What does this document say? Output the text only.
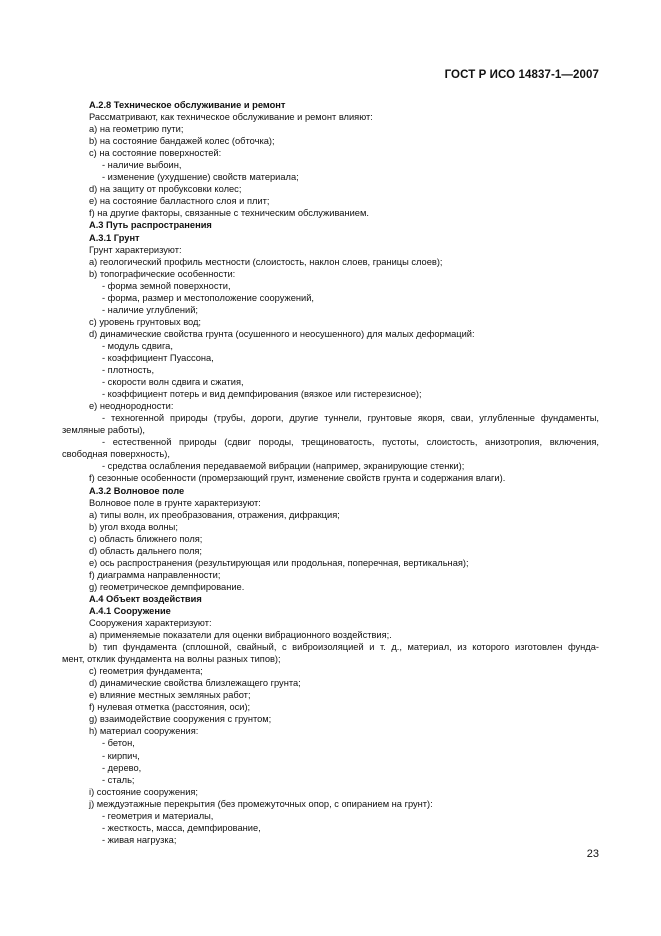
ГОСТ Р ИСО 14837-1—2007
A.2.8 Техническое обслуживание и ремонт
Рассматривают, как техническое обслуживание и ремонт влияют:
а) на геометрию пути;
b) на состояние бандажей колес (обточка);
c) на состояние поверхностей:
- наличие выбоин,
- изменение (ухудшение) свойств материала;
d) на защиту от пробуксовки колес;
e) на состояние балластного слоя и плит;
f) на другие факторы, связанные с техническим обслуживанием.
A.3 Путь распространения
A.3.1 Грунт
Грунт характеризуют:
a) геологический профиль местности (слоистость, наклон слоев, границы слоев);
b) топографические особенности:
- форма земной поверхности,
- форма, размер и местоположение сооружений,
- наличие углублений;
c) уровень грунтовых вод;
d) динамические свойства грунта (осушенного и неосушенного) для малых деформаций:
- модуль сдвига,
- коэффициент Пуассона,
- плотность,
- скорости волн сдвига и сжатия,
- коэффициент потерь и вид демпфирования (вязкое или гистерезисное);
e) неоднородности:
- техногенной природы (трубы, дороги, другие туннели, грунтовые якоря, сваи, углубленные фундаменты,
земляные работы),
- естественной природы (сдвиг породы, трещиноватость, пустоты, слоистость, анизотропия, включения,
свободная поверхность),
- средства ослабления передаваемой вибрации (например, экранирующие стенки);
f) сезонные особенности (промерзающий грунт, изменение свойств грунта и содержания влаги).
A.3.2 Волновое поле
Волновое поле в грунте характеризуют:
a) типы волн, их преобразования, отражения, дифракция;
b) угол входа волны;
c) область ближнего поля;
d) область дальнего поля;
e) ось распространения (результирующая или продольная, поперечная, вертикальная);
f) диаграмма направленности;
g) геометрическое демпфирование.
A.4 Объект воздействия
A.4.1 Сооружение
Сооружения характеризуют:
a) применяемые показатели для оценки вибрационного воздействия;.
b) тип фундамента (сплошной, свайный, с виброизоляцией и т. д., материал, из которого изготовлен фунда-
мент, отклик фундамента на волны разных типов);
c) геометрия фундамента;
d) динамические свойства близлежащего грунта;
e) влияние местных земляных работ;
f) нулевая отметка (расстояния, оси);
g) взаимодействие сооружения с грунтом;
h) материал сооружения:
- бетон,
- кирпич,
- дерево,
- сталь;
i) состояние сооружения;
j) междуэтажные перекрытия (без промежуточных опор, с опиранием на грунт):
- геометрия и материалы,
- жесткость, масса, демпфирование,
- живая нагрузка;
23
